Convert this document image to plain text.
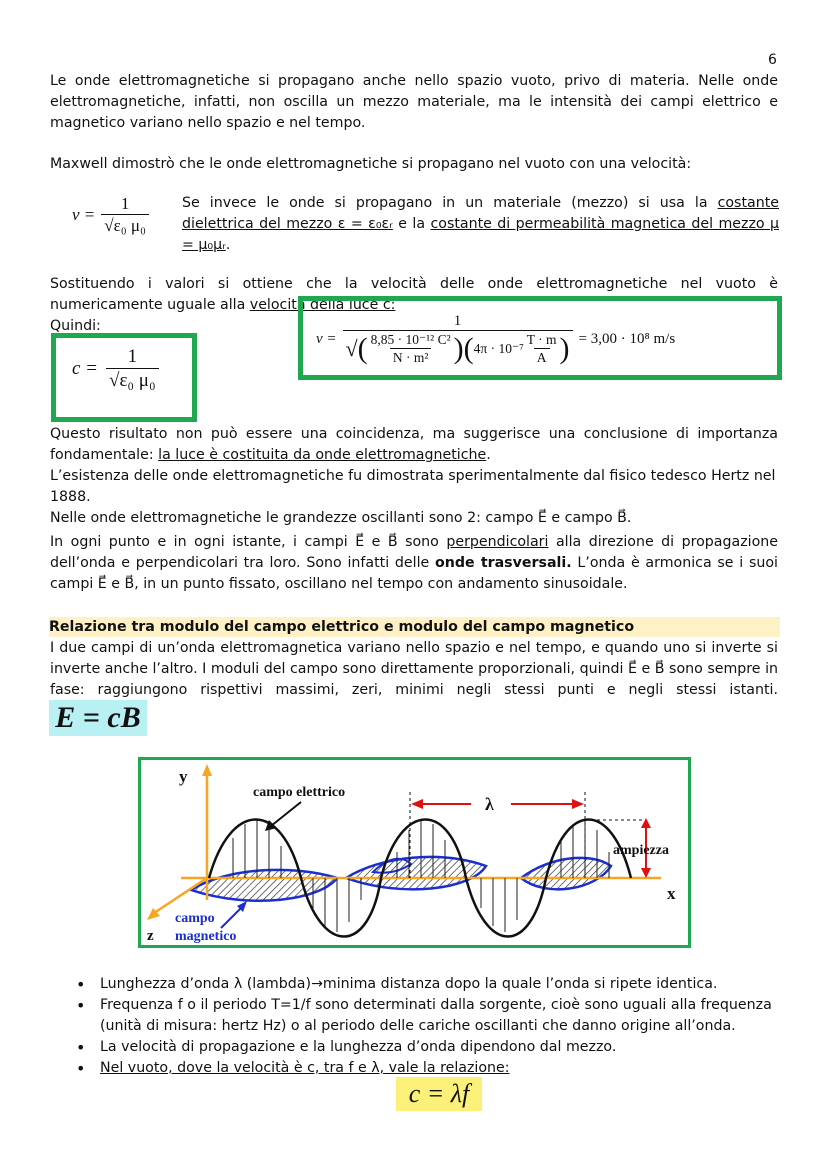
6
Le onde elettromagnetiche si propagano anche nello spazio vuoto, privo di materia. Nelle onde elettromagnetiche, infatti, non oscilla un mezzo materiale, ma le intensità dei campi elettrico e magnetico variano nello spazio e nel tempo.
Maxwell dimostrò che le onde elettromagnetiche si propagano nel vuoto con una velocità:
$v = \frac{1}{\text{√ε₀ μ₀}}$ Se invece le onde si propagano in un materiale (mezzo) si usa la costante dielettrica del mezzo ε = ε₀εᵣ e la costante di permeabilità magnetica del mezzo μ = μ₀μᵣ.
Sostituendo i valori si ottiene che la velocità delle onde elettromagnetiche nel vuoto è numericamente uguale alla velocità della luce c:
Quindi:
v =
1
√ ( $\frac{\text{8,85 · 10⁻¹² C²}}{\text{N · m²}}$ ) ( $4\pi \cdot 10^{-7} \frac{T \cdot m}{A}$ ) = 3,00 · 10⁸ m/s
$c = \frac{1}{\text{√ε₀ μ₀}}$
Questo risultato non può essere una coincidenza, ma suggerisce una conclusione di importanza fondamentale: la luce è costituita da onde elettromagnetiche.
L’esistenza delle onde elettromagnetiche fu dimostrata sperimentalmente dal fisico tedesco Hertz nel 1888.
Nelle onde elettromagnetiche le grandezze oscillanti sono 2: campo E⃗ e campo B⃗.
In ogni punto e in ogni istante, i campi E⃗ e B⃗ sono perpendicolari alla direzione di propagazione dell’onda e perpendicolari tra loro. Sono infatti delle onde trasversali. L’onda è armonica se i suoi campi E⃗ e B⃗, in un punto fissato, oscillano nel tempo con andamento sinusoidale.
Relazione tra modulo del campo elettrico e modulo del campo magnetico
I due campi di un’onda elettromagnetica variano nello spazio e nel tempo, e quando uno si inverte si inverte anche l’altro. I moduli del campo sono direttamente proporzionali, quindi E⃗ e B⃗ sono sempre in fase: raggiungono rispettivi massimi, zeri, minimi negli stessi punti e negli stessi istanti.
E = cB
y
x
z
campo elettrico
λ
ampiezza
campo
magnetico
• Lunghezza d’onda λ (lambda)→minima distanza dopo la quale l’onda si ripete identica.
• Frequenza f o il periodo T=1/f sono determinati dalla sorgente, cioè sono uguali alla frequenza (unità di misura: hertz Hz) o al periodo delle cariche oscillanti che danno origine all’onda.
• La velocità di propagazione e la lunghezza d’onda dipendono dal mezzo.
• Nel vuoto, dove la velocità è c, tra f e λ, vale la relazione:
c = λf
